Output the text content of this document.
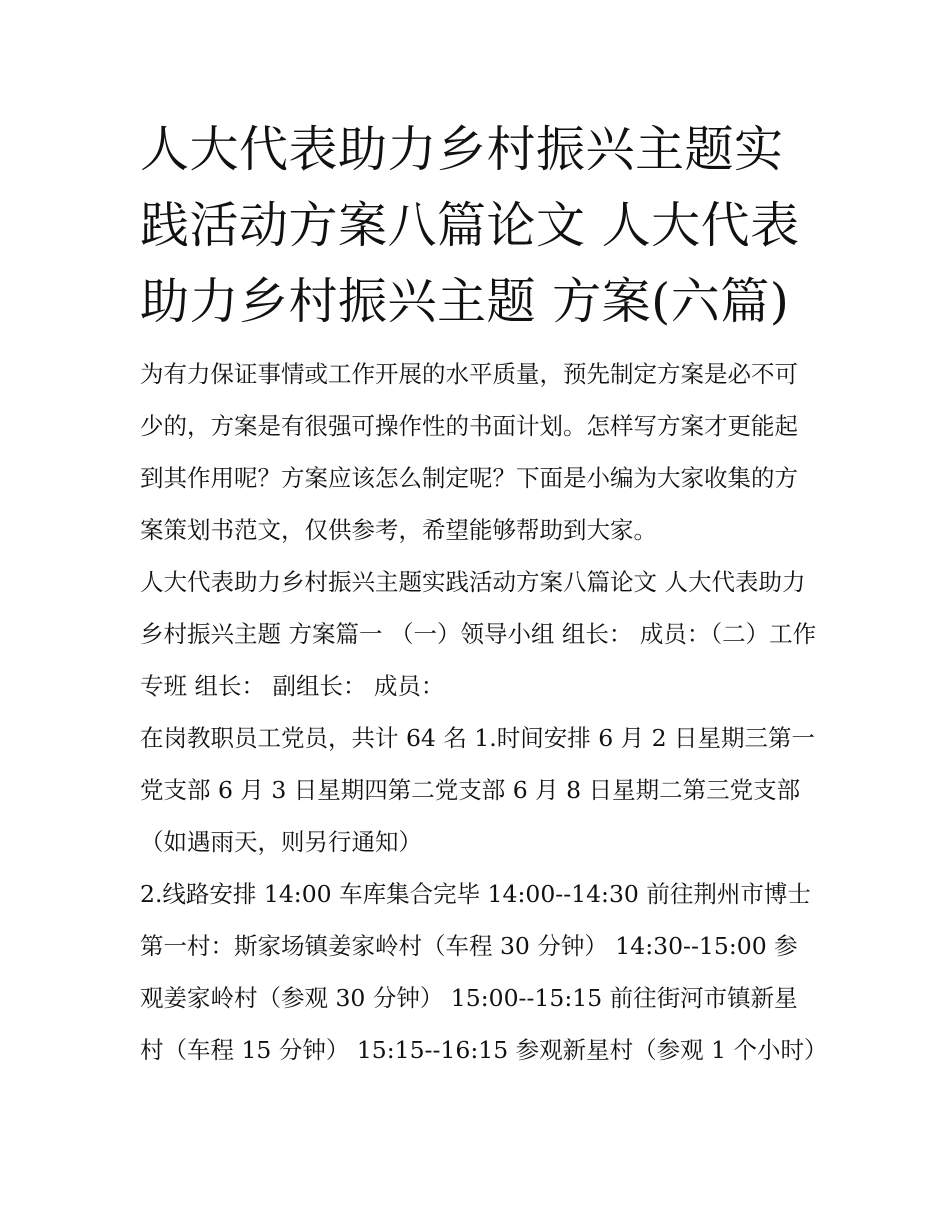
人大代表助力乡村振兴主题实践活动方案八篇论文 人大代表助力乡村振兴主题 方案(六篇)

为有力保证事情或工作开展的水平质量，预先制定方案是必不可少的，方案是有很强可操作性的书面计划。怎样写方案才更能起到其作用呢？方案应该怎么制定呢？下面是小编为大家收集的方案策划书范文，仅供参考，希望能够帮助到大家。

人大代表助力乡村振兴主题实践活动方案八篇论文 人大代表助力乡村振兴主题 方案篇一 （一）领导小组 组长： 成员：（二）工作专班 组长： 副组长： 成员：

在岗教职员工党员，共计 64 名 1.时间安排 6 月 2 日星期三第一党支部 6 月 3 日星期四第二党支部 6 月 8 日星期二第三党支部（如遇雨天，则另行通知）

2.线路安排 14:00 车库集合完毕 14:00--14:30 前往荆州市博士第一村：斯家场镇姜家岭村（车程 30 分钟） 14:30--15:00 参观姜家岭村（参观 30 分钟） 15:00--15:15 前往街河市镇新星村（车程 15 分钟） 15:15--16:15 参观新星村（参观 1 个小时）
